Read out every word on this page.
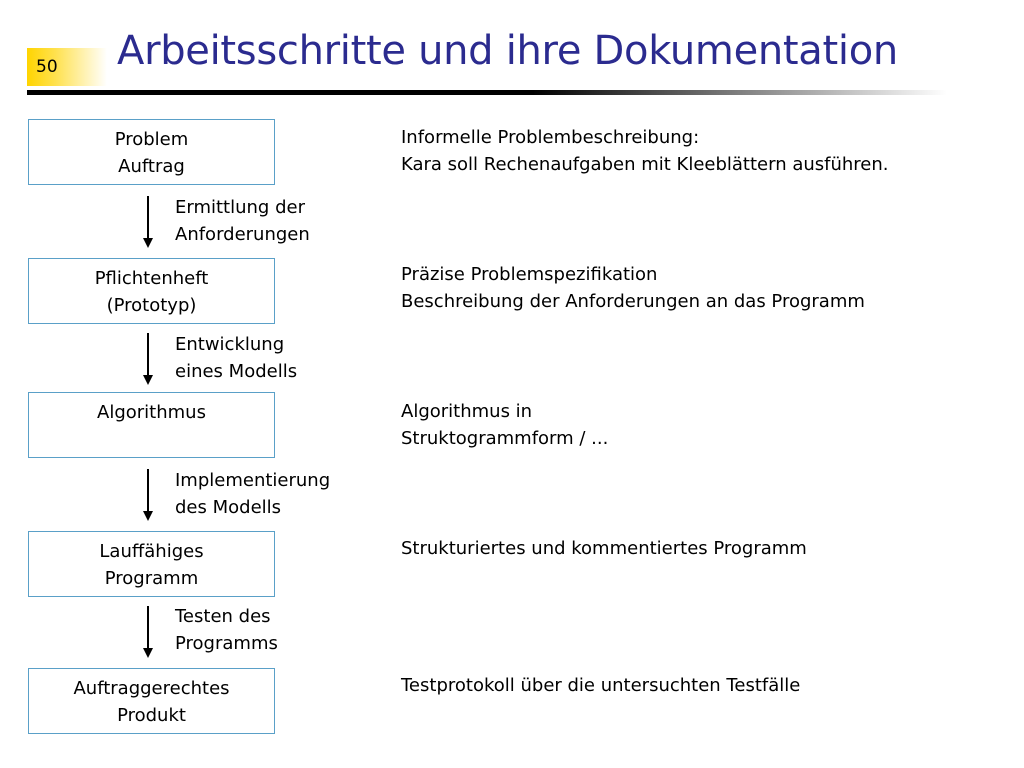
50 Arbeitsschritte und ihre Dokumentation
Problem
Auftrag
Pflichtenheft
(Prototyp)
Algorithmus
Lauffähiges
Programm
Auftraggerechtes
Produkt
Ermittlung der
Anforderungen
Entwicklung
eines Modells
Implementierung
des Modells
Testen des
Programms
Informelle Problembeschreibung:
Kara soll Rechenaufgaben mit Kleeblättern ausführen.
Präzise Problemspezifikation
Beschreibung der Anforderungen an das Programm
Algorithmus in
Struktogrammform / ...
Strukturiertes und kommentiertes Programm
Testprotokoll über die untersuchten Testfälle
